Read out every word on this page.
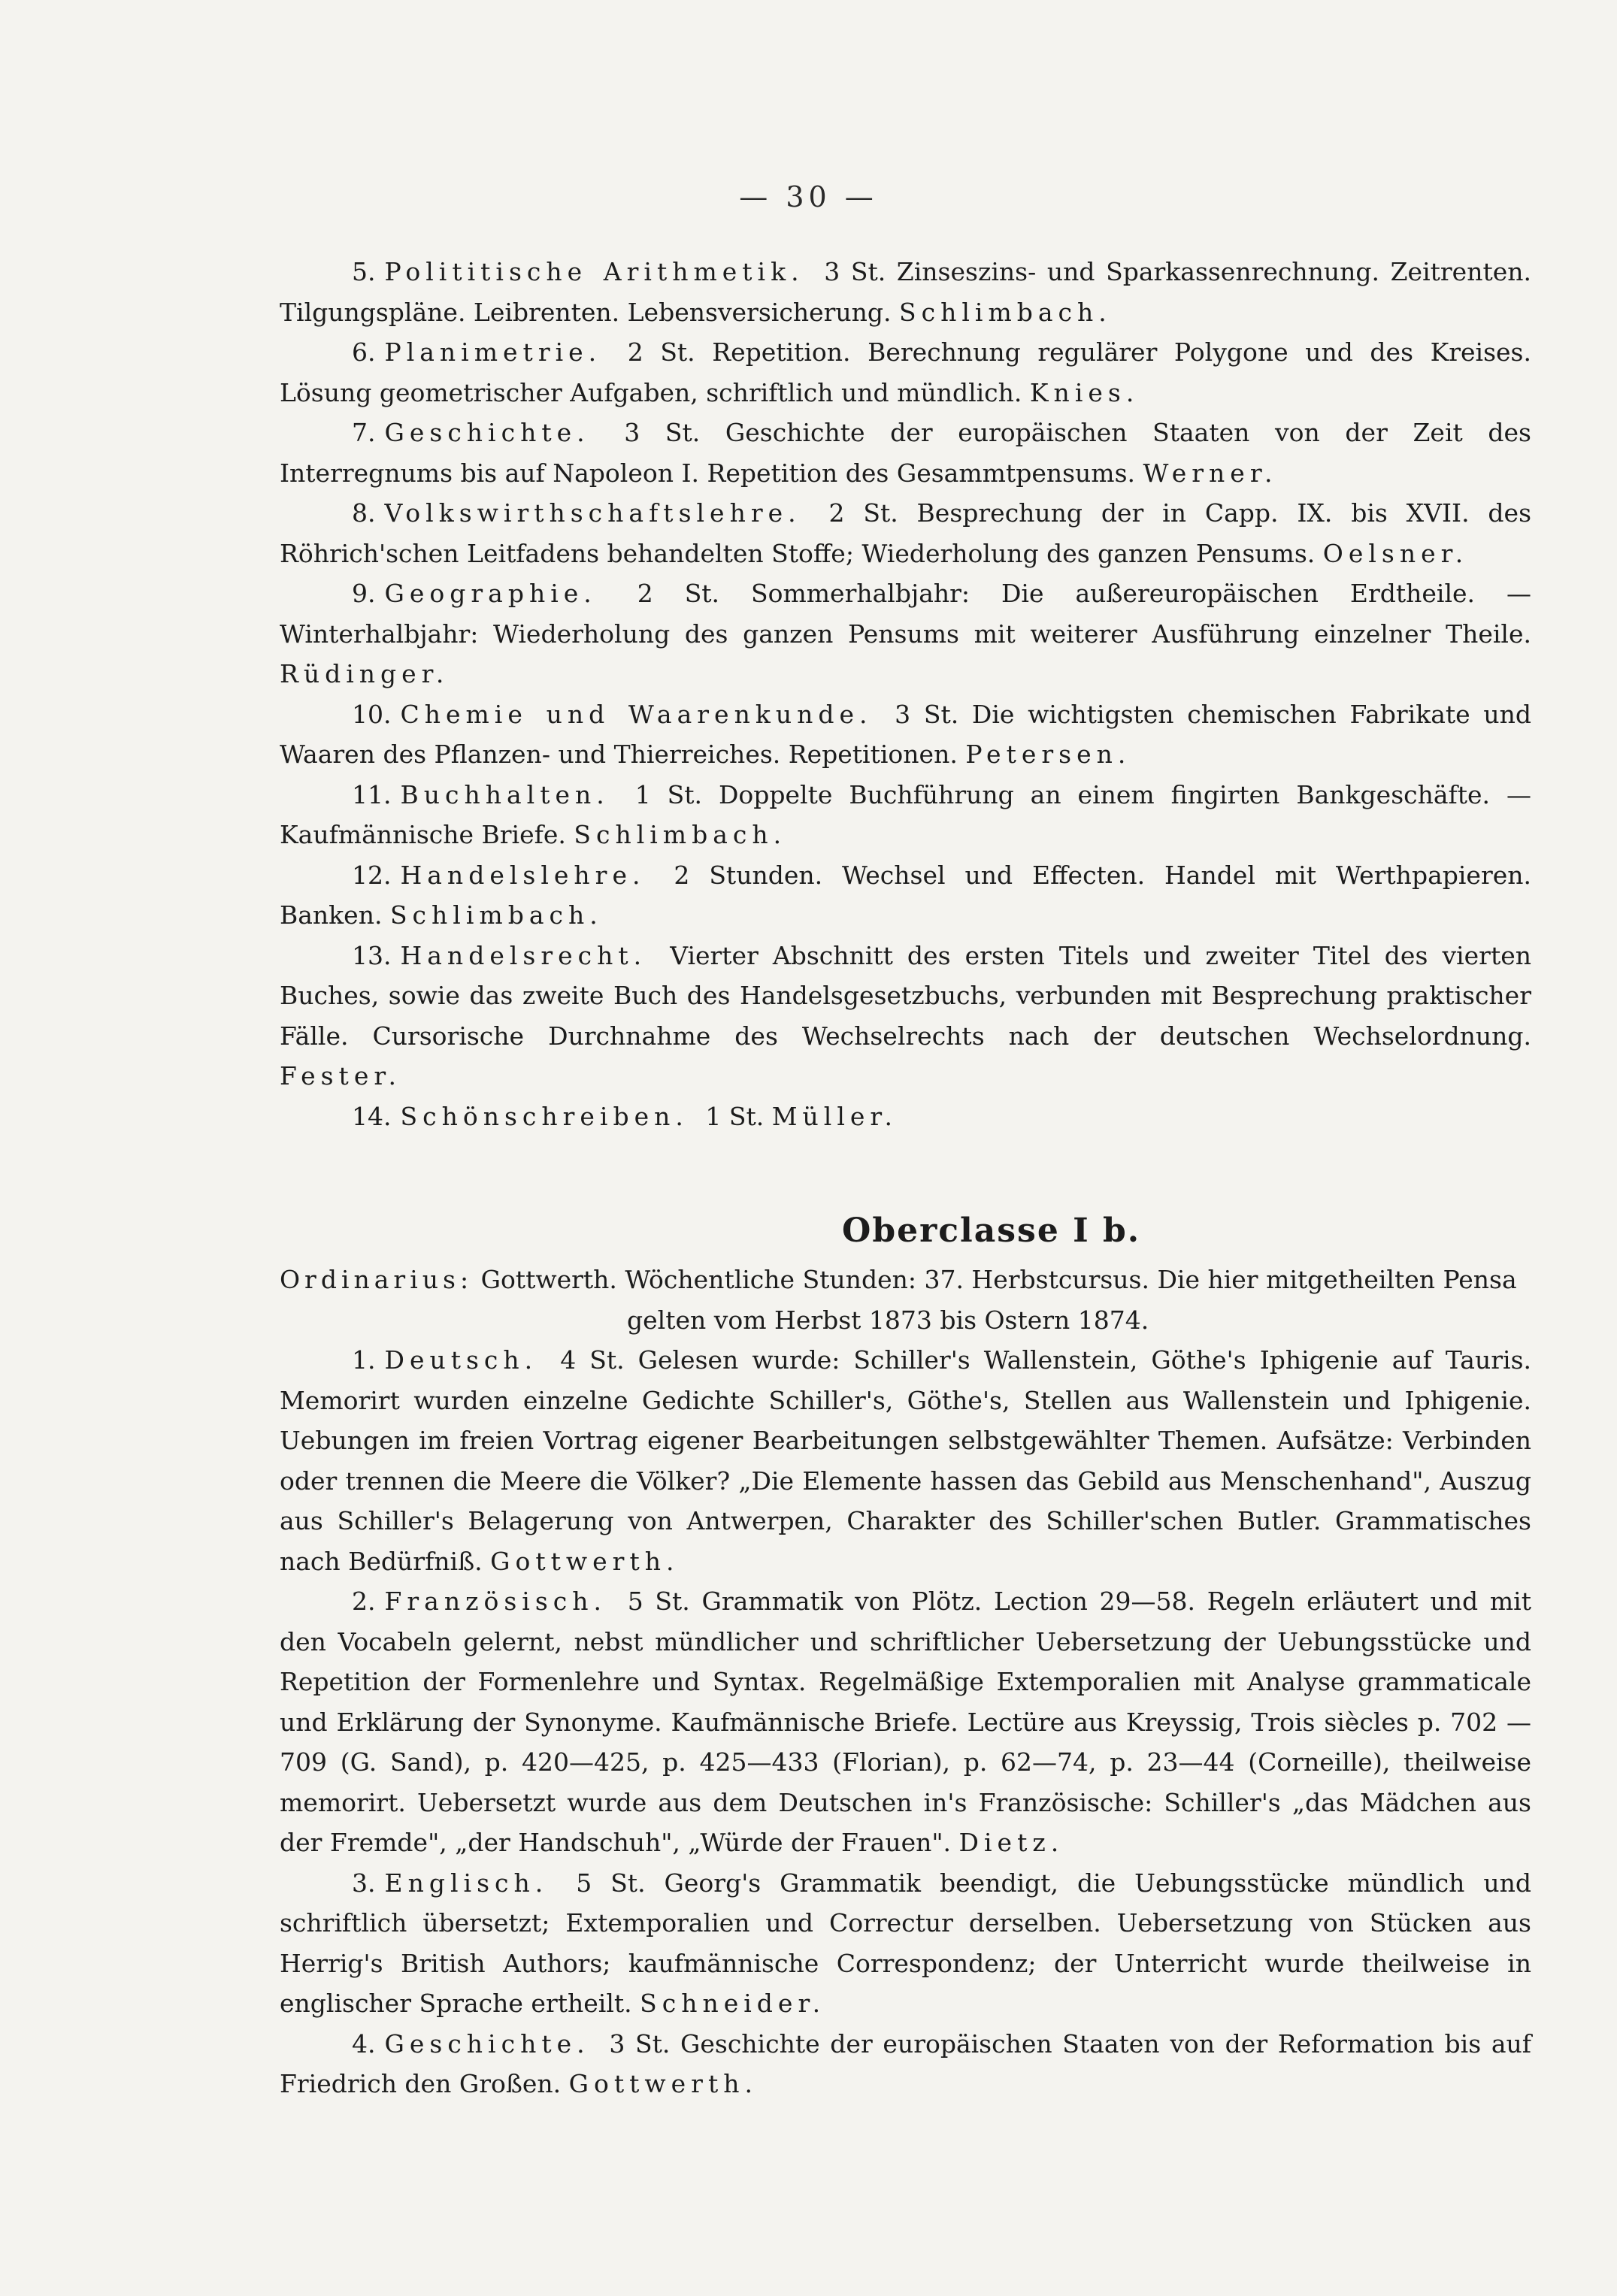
— 30 —

5. Polititische Arithmetik. 3 St. Zinseszins- und Sparkassenrechnung. Zeitrenten. Tilgungspläne. Leibrenten. Lebensversicherung. Schlimbach.

6. Planimetrie. 2 St. Repetition. Berechnung regulärer Polygone und des Kreises. Lösung geometrischer Aufgaben, schriftlich und mündlich. Knies.

7. Geschichte. 3 St. Geschichte der europäischen Staaten von der Zeit des Interregnums bis auf Napoleon I. Repetition des Gesammtpensums. Werner.

8. Volkswirthschaftslehre. 2 St. Besprechung der in Capp. IX. bis XVII. des Röhrich'schen Leitfadens behandelten Stoffe; Wiederholung des ganzen Pensums. Oelsner.

9. Geographie. 2 St. Sommerhalbjahr: Die außereuropäischen Erdtheile. — Winterhalbjahr: Wiederholung des ganzen Pensums mit weiterer Ausführung einzelner Theile. Rüdinger.

10. Chemie und Waarenkunde. 3 St. Die wichtigsten chemischen Fabrikate und Waaren des Pflanzen- und Thierreiches. Repetitionen. Petersen.

11. Buchhalten. 1 St. Doppelte Buchführung an einem fingirten Bankgeschäfte. — Kaufmännische Briefe. Schlimbach.

12. Handelslehre. 2 Stunden. Wechsel und Effecten. Handel mit Werthpapieren. Banken. Schlimbach.

13. Handelsrecht. Vierter Abschnitt des ersten Titels und zweiter Titel des vierten Buches, sowie das zweite Buch des Handelsgesetzbuchs, verbunden mit Besprechung praktischer Fälle. Cursorische Durchnahme des Wechselrechts nach der deutschen Wechselordnung. Fester.

14. Schönschreiben. 1 St. Müller.

Oberclasse I b.

Ordinarius: Gottwerth. Wöchentliche Stunden: 37. Herbstcursus. Die hier mitgetheilten Pensa

gelten vom Herbst 1873 bis Ostern 1874.

1. Deutsch. 4 St. Gelesen wurde: Schiller's Wallenstein, Göthe's Iphigenie auf Tauris. Memorirt wurden einzelne Gedichte Schiller's, Göthe's, Stellen aus Wallenstein und Iphigenie. Uebungen im freien Vortrag eigener Bearbeitungen selbstgewählter Themen. Aufsätze: Verbinden oder trennen die Meere die Völker? „Die Elemente hassen das Gebild aus Menschenhand", Auszug aus Schiller's Belagerung von Antwerpen, Charakter des Schiller'schen Butler. Grammatisches nach Bedürfniß. Gottwerth.

2. Französisch. 5 St. Grammatik von Plötz. Lection 29—58. Regeln erläutert und mit den Vocabeln gelernt, nebst mündlicher und schriftlicher Uebersetzung der Uebungsstücke und Repetition der Formenlehre und Syntax. Regelmäßige Extemporalien mit Analyse grammaticale und Erklärung der Synonyme. Kaufmännische Briefe. Lectüre aus Kreyssig, Trois siècles p. 702 — 709 (G. Sand), p. 420—425, p. 425—433 (Florian), p. 62—74, p. 23—44 (Corneille), theilweise memorirt. Uebersetzt wurde aus dem Deutschen in's Französische: Schiller's „das Mädchen aus der Fremde", „der Handschuh", „Würde der Frauen". Dietz.

3. Englisch. 5 St. Georg's Grammatik beendigt, die Uebungsstücke mündlich und schriftlich übersetzt; Extemporalien und Correctur derselben. Uebersetzung von Stücken aus Herrig's British Authors; kaufmännische Correspondenz; der Unterricht wurde theilweise in englischer Sprache ertheilt. Schneider.

4. Geschichte. 3 St. Geschichte der europäischen Staaten von der Reformation bis auf Friedrich den Großen. Gottwerth.
